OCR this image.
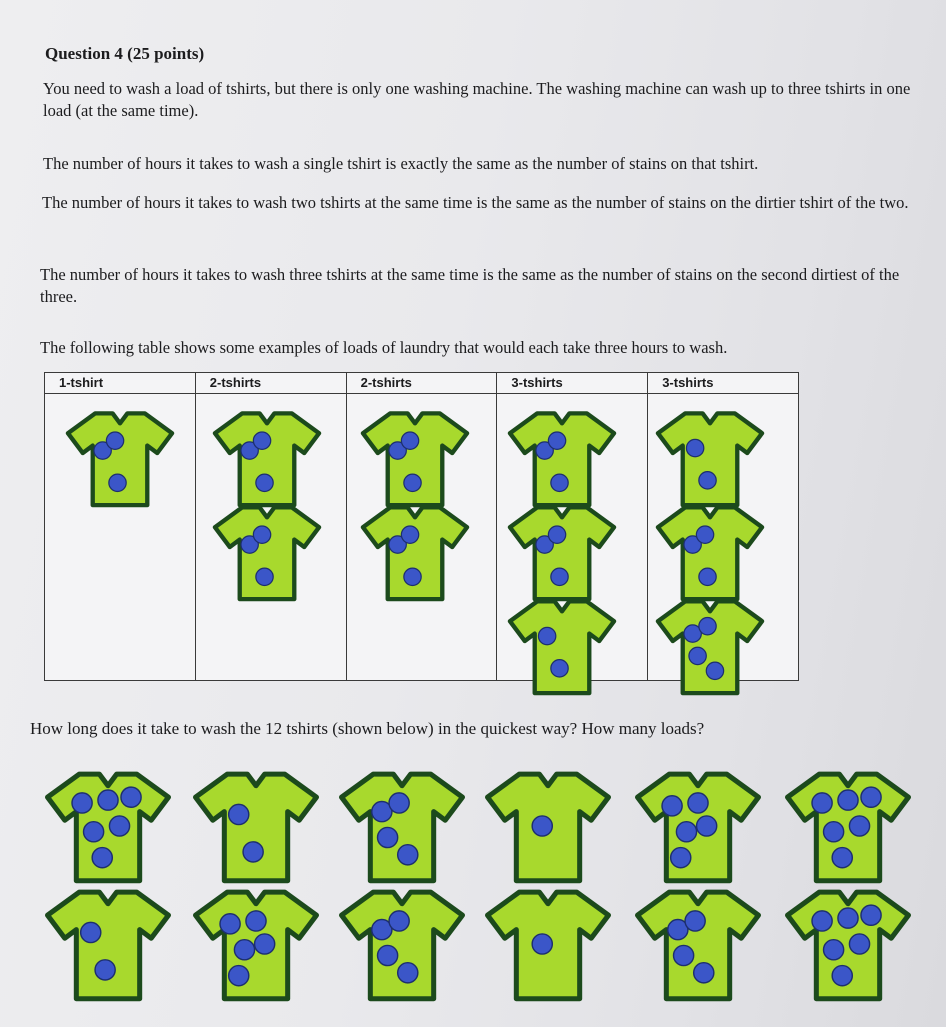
Question 4 (25 points)
You need to wash a load of tshirts, but there is only one washing machine. The washing machine can wash up to three tshirts in one load (at the same time).
The number of hours it takes to wash a single tshirt is exactly the same as the number of stains on that tshirt.
The number of hours it takes to wash two tshirts at the same time is the same as the number of stains on the dirtier tshirt of the two.
The number of hours it takes to wash three tshirts at the same time is the same as the number of stains on the second dirtiest of the three.
The following table shows some examples of loads of laundry that would each take three hours to wash.
1-tshirt	2-tshirts	2-tshirts	3-tshirts	3-tshirts
How long does it take to wash the 12 tshirts (shown below) in the quickest way? How many loads?
